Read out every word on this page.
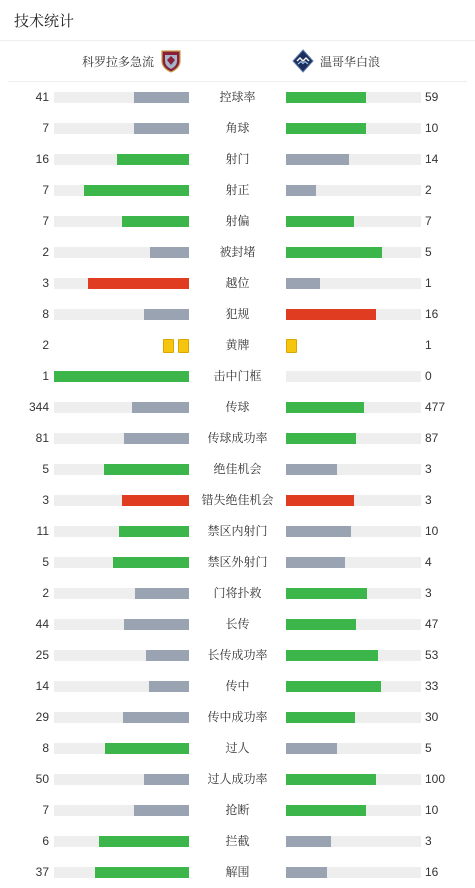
技术统计
科罗拉多急流	温哥华白浪
41	控球率	59
7	角球	10
16	射门	14
7	射正	2
7	射偏	7
2	被封堵	5
3	越位	1
8	犯规	16
2	黄牌	1
1	击中门框	0
344	传球	477
81	传球成功率	87
5	绝佳机会	3
3	错失绝佳机会	3
11	禁区内射门	10
5	禁区外射门	4
2	门将扑救	3
44	长传	47
25	长传成功率	53
14	传中	33
29	传中成功率	30
8	过人	5
50	过人成功率	100
7	抢断	10
6	拦截	3
37	解围	16
